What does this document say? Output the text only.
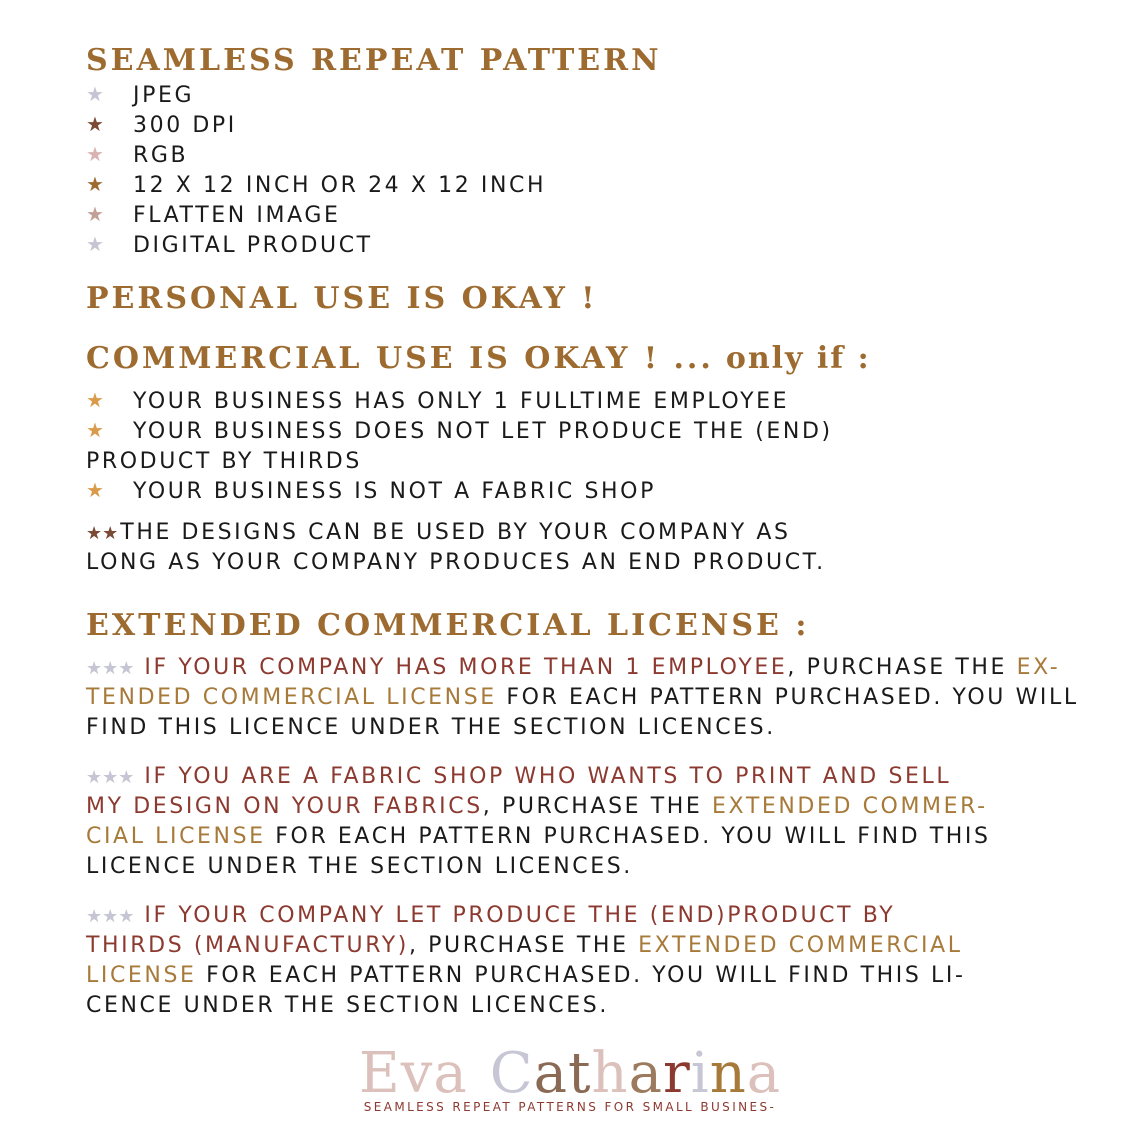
SEAMLESS REPEAT PATTERN
★ JPEG
★ 300 DPI
★ RGB
★ 12 X 12 INCH OR 24 X 12 INCH
★ FLATTEN IMAGE
★ DIGITAL PRODUCT
PERSONAL USE IS OKAY !
COMMERCIAL USE IS OKAY ! ... only if :
★ YOUR BUSINESS HAS ONLY 1 FULLTIME EMPLOYEE
★ YOUR BUSINESS DOES NOT LET PRODUCE THE (END)
PRODUCT BY THIRDS
★ YOUR BUSINESS IS NOT A FABRIC SHOP
★★THE DESIGNS CAN BE USED BY YOUR COMPANY AS
LONG AS YOUR COMPANY PRODUCES AN END PRODUCT.
EXTENDED COMMERCIAL LICENSE :
★★★ IF YOUR COMPANY HAS MORE THAN 1 EMPLOYEE, PURCHASE THE EX-
TENDED COMMERCIAL LICENSE FOR EACH PATTERN PURCHASED. YOU WILL
FIND THIS LICENCE UNDER THE SECTION LICENCES.
★★★ IF YOU ARE A FABRIC SHOP WHO WANTS TO PRINT AND SELL
MY DESIGN ON YOUR FABRICS, PURCHASE THE EXTENDED COMMER-
CIAL LICENSE FOR EACH PATTERN PURCHASED. YOU WILL FIND THIS
LICENCE UNDER THE SECTION LICENCES.
★★★ IF YOUR COMPANY LET PRODUCE THE (END)PRODUCT BY
THIRDS (MANUFACTURY), PURCHASE THE EXTENDED COMMERCIAL
LICENSE FOR EACH PATTERN PURCHASED. YOU WILL FIND THIS LI-
CENCE UNDER THE SECTION LICENCES.
Eva Catharina
SEAMLESS REPEAT PATTERNS FOR SMALL BUSINES-
